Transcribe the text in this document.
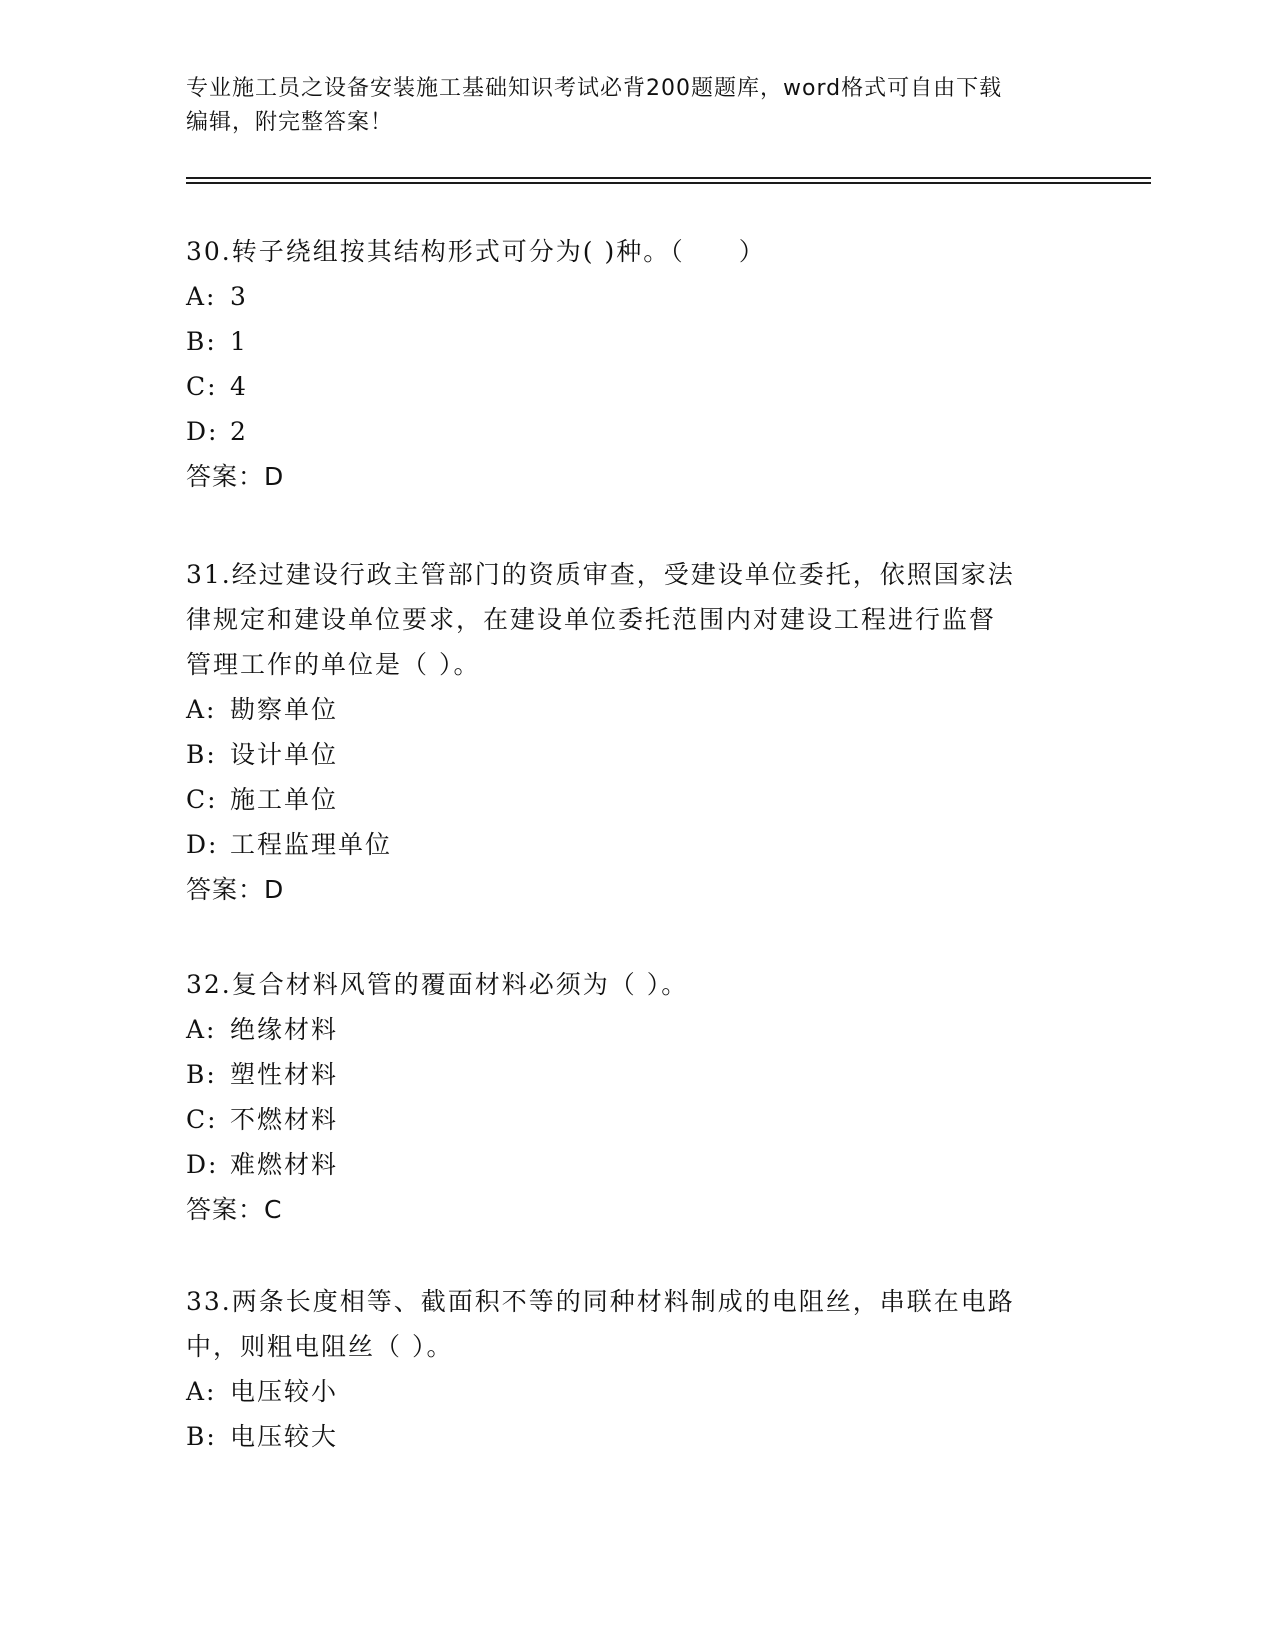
专业施工员之设备安装施工基础知识考试必背200题题库，word格式可自由下载
编辑，附完整答案！
30.转子绕组按其结构形式可分为( )种。（　　）
A: 3
B: 1
C: 4
D: 2
答案：D
31.经过建设行政主管部门的资质审查，受建设单位委托，依照国家法
律规定和建设单位要求，在建设单位委托范围内对建设工程进行监督
管理工作的单位是（ ）。
A: 勘察单位
B: 设计单位
C: 施工单位
D: 工程监理单位
答案：D
32.复合材料风管的覆面材料必须为（ ）。
A: 绝缘材料
B: 塑性材料
C: 不燃材料
D: 难燃材料
答案：C
33.两条长度相等、截面积不等的同种材料制成的电阻丝，串联在电路
中，则粗电阻丝（ ）。
A: 电压较小
B: 电压较大
